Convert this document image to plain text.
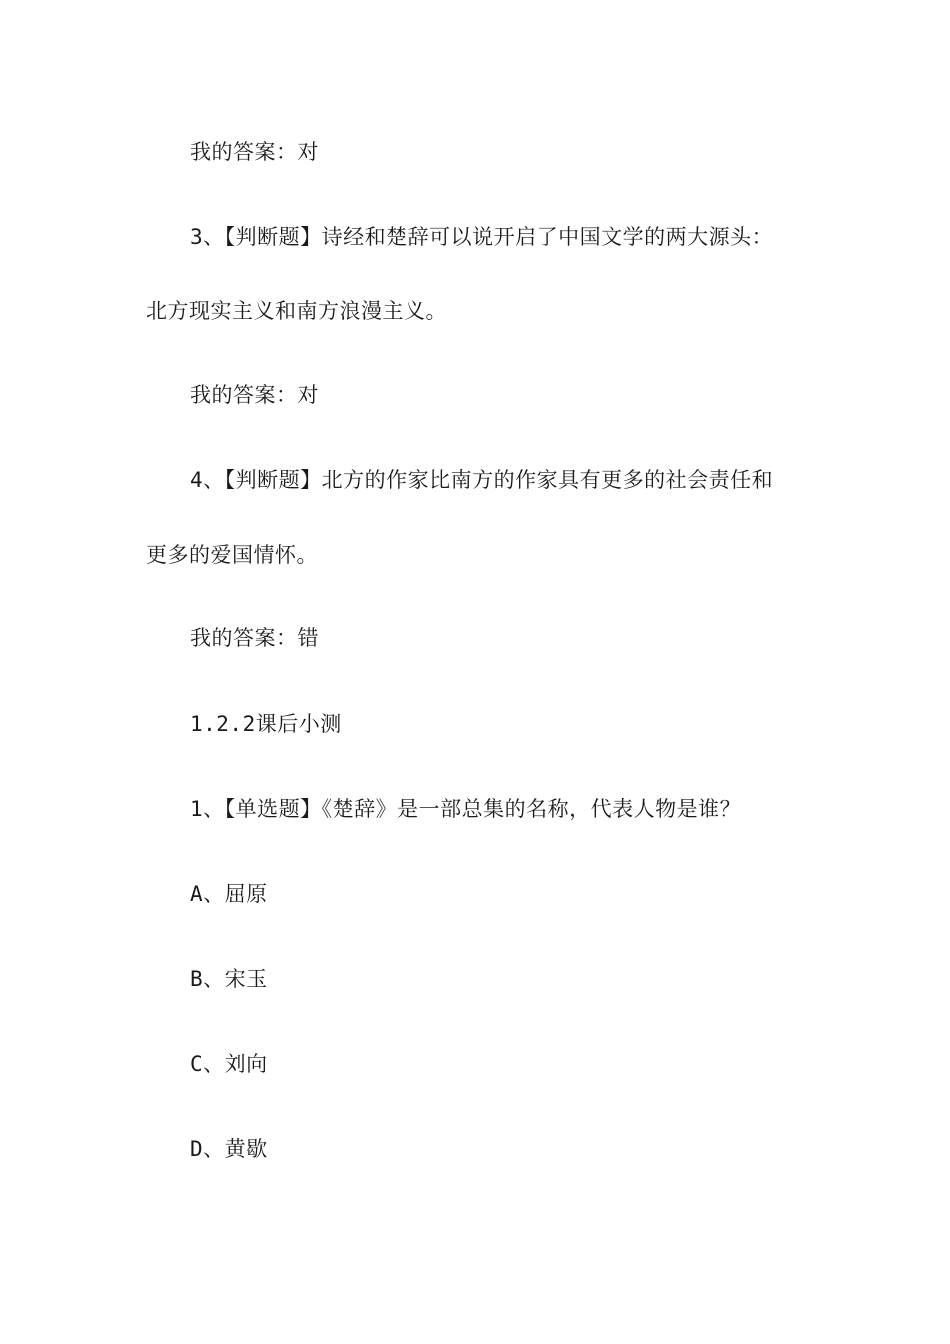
我的答案：对
3、【判断题】诗经和楚辞可以说开启了中国文学的两大源头：
北方现实主义和南方浪漫主义。
我的答案：对
4、【判断题】北方的作家比南方的作家具有更多的社会责任和
更多的爱国情怀。
我的答案：错
1.2.2课后小测
1、【单选题】《楚辞》是一部总集的名称，代表人物是谁？
A、屈原
B、宋玉
C、刘向
D、黄歇
